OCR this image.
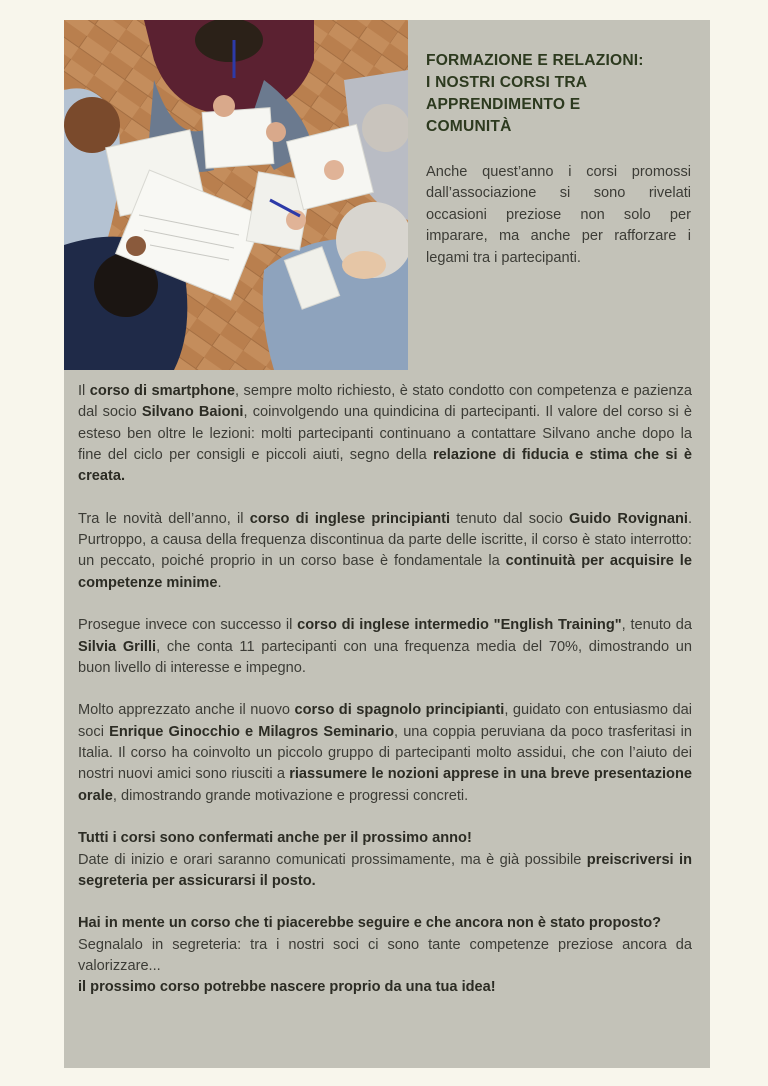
FORMAZIONE E RELAZIONI:
I NOSTRI CORSI TRA
APPRENDIMENTO E
COMUNITÀ

Anche quest’anno i corsi promossi dall’associazione si sono rivelati occasioni preziose non solo per imparare, ma anche per rafforzare i legami tra i partecipanti.

Il corso di smartphone, sempre molto richiesto, è stato condotto con competenza e pazienza dal socio Silvano Baioni, coinvolgendo una quindicina di partecipanti. Il valore del corso si è esteso ben oltre le lezioni: molti partecipanti continuano a contattare Silvano anche dopo la fine del ciclo per consigli e piccoli aiuti, segno della relazione di fiducia e stima che si è creata.

Tra le novità dell’anno, il corso di inglese principianti tenuto dal socio Guido Rovignani. Purtroppo, a causa della frequenza discontinua da parte delle iscritte, il corso è stato interrotto: un peccato, poiché proprio in un corso base è fondamentale la continuità per acquisire le competenze minime.

Prosegue invece con successo il corso di inglese intermedio "English Training", tenuto da Silvia Grilli, che conta 11 partecipanti con una frequenza media del 70%, dimostrando un buon livello di interesse e impegno.

Molto apprezzato anche il nuovo corso di spagnolo principianti, guidato con entusiasmo dai soci Enrique Ginocchio e Milagros Seminario, una coppia peruviana da poco trasferitasi in Italia. Il corso ha coinvolto un piccolo gruppo di partecipanti molto assidui, che con l’aiuto dei nostri nuovi amici sono riusciti a riassumere le nozioni apprese in una breve presentazione orale, dimostrando grande motivazione e progressi concreti.

Tutti i corsi sono confermati anche per il prossimo anno!
Date di inizio e orari saranno comunicati prossimamente, ma è già possibile preiscriversi in segreteria per assicurarsi il posto.

Hai in mente un corso che ti piacerebbe seguire e che ancora non è stato proposto?
Segnalalo in segreteria: tra i nostri soci ci sono tante competenze preziose ancora da valorizzare...
il prossimo corso potrebbe nascere proprio da una tua idea!
